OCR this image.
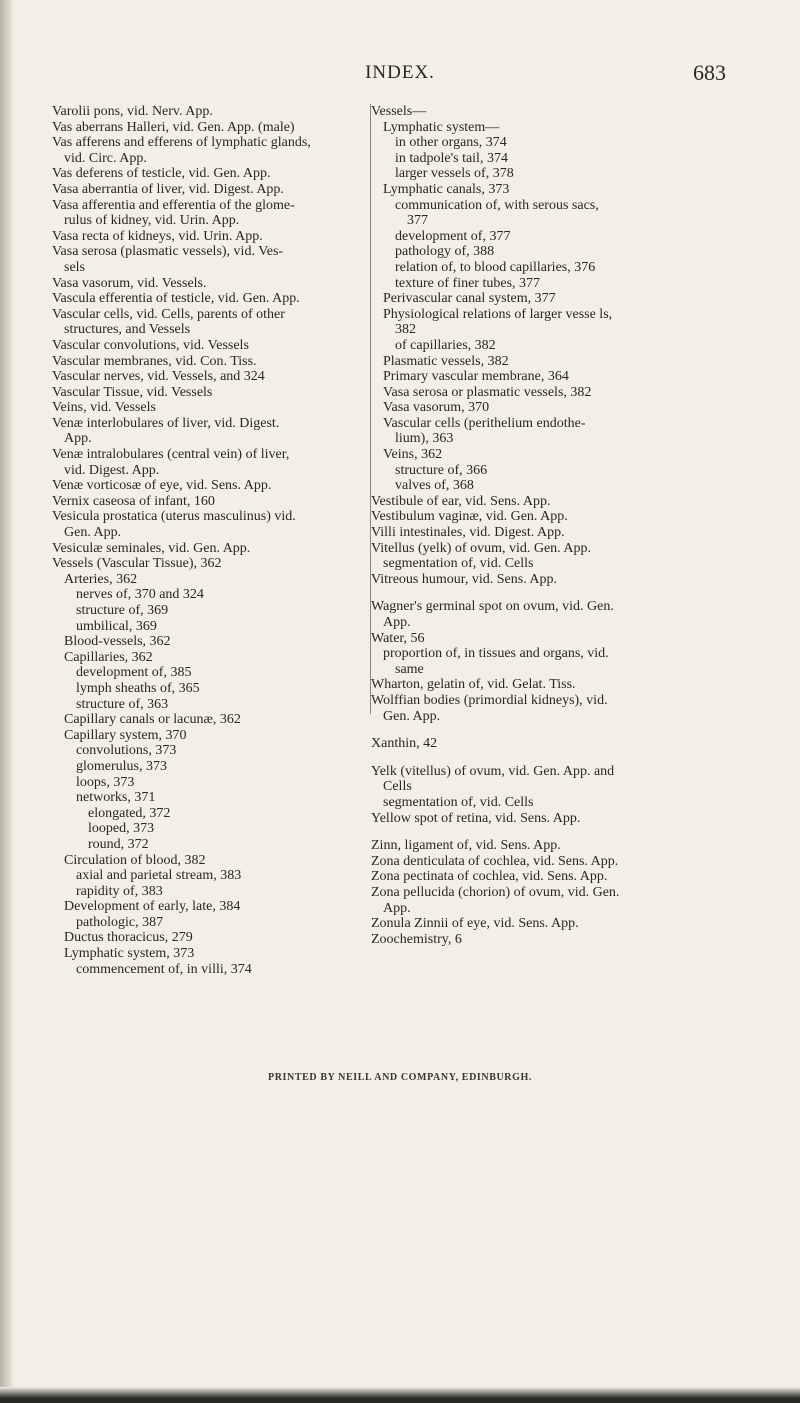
INDEX.	683
Varolii pons, vid. Nerv. App.
Vas aberrans Halleri, vid. Gen. App. (male)
Vas afferens and efferens of lymphatic glands,
vid. Circ. App.
Vas deferens of testicle, vid. Gen. App.
Vasa aberrantia of liver, vid. Digest. App.
Vasa afferentia and efferentia of the glome-
rulus of kidney, vid. Urin. App.
Vasa recta of kidneys, vid. Urin. App.
Vasa serosa (plasmatic vessels), vid. Ves-
sels
Vasa vasorum, vid. Vessels.
Vascula efferentia of testicle, vid. Gen. App.
Vascular cells, vid. Cells, parents of other
structures, and Vessels
Vascular convolutions, vid. Vessels
Vascular membranes, vid. Con. Tiss.
Vascular nerves, vid. Vessels, and 324
Vascular Tissue, vid. Vessels
Veins, vid. Vessels
Venæ interlobulares of liver, vid. Digest.
App.
Venæ intralobulares (central vein) of liver,
vid. Digest. App.
Venæ vorticosæ of eye, vid. Sens. App.
Vernix caseosa of infant, 160
Vesicula prostatica (uterus masculinus) vid.
Gen. App.
Vesiculæ seminales, vid. Gen. App.
Vessels (Vascular Tissue), 362
Arteries, 362
nerves of, 370 and 324
structure of, 369
umbilical, 369
Blood-vessels, 362
Capillaries, 362
development of, 385
lymph sheaths of, 365
structure of, 363
Capillary canals or lacunæ, 362
Capillary system, 370
convolutions, 373
glomerulus, 373
loops, 373
networks, 371
elongated, 372
looped, 373
round, 372
Circulation of blood, 382
axial and parietal stream, 383
rapidity of, 383
Development of early, late, 384
pathologic, 387
Ductus thoracicus, 279
Lymphatic system, 373
commencement of, in villi, 374
Vessels—
Lymphatic system—
in other organs, 374
in tadpole's tail, 374
larger vessels of, 378
Lymphatic canals, 373
communication of, with serous sacs,
377
development of, 377
pathology of, 388
relation of, to blood capillaries, 376
texture of finer tubes, 377
Perivascular canal system, 377
Physiological relations of larger vesse ls,
382
of capillaries, 382
Plasmatic vessels, 382
Primary vascular membrane, 364
Vasa serosa or plasmatic vessels, 382
Vasa vasorum, 370
Vascular cells (perithelium endothe-
lium), 363
Veins, 362
structure of, 366
valves of, 368
Vestibule of ear, vid. Sens. App.
Vestibulum vaginæ, vid. Gen. App.
Villi intestinales, vid. Digest. App.
Vitellus (yelk) of ovum, vid. Gen. App.
segmentation of, vid. Cells
Vitreous humour, vid. Sens. App.
Wagner's germinal spot on ovum, vid. Gen.
App.
Water, 56
proportion of, in tissues and organs, vid.
same
Wharton, gelatin of, vid. Gelat. Tiss.
Wolffian bodies (primordial kidneys), vid.
Gen. App.
Xanthin, 42
Yelk (vitellus) of ovum, vid. Gen. App. and
Cells
segmentation of, vid. Cells
Yellow spot of retina, vid. Sens. App.
Zinn, ligament of, vid. Sens. App.
Zona denticulata of cochlea, vid. Sens. App.
Zona pectinata of cochlea, vid. Sens. App.
Zona pellucida (chorion) of ovum, vid. Gen.
App.
Zonula Zinnii of eye, vid. Sens. App.
Zoochemistry, 6
PRINTED BY NEILL AND COMPANY, EDINBURGH.
